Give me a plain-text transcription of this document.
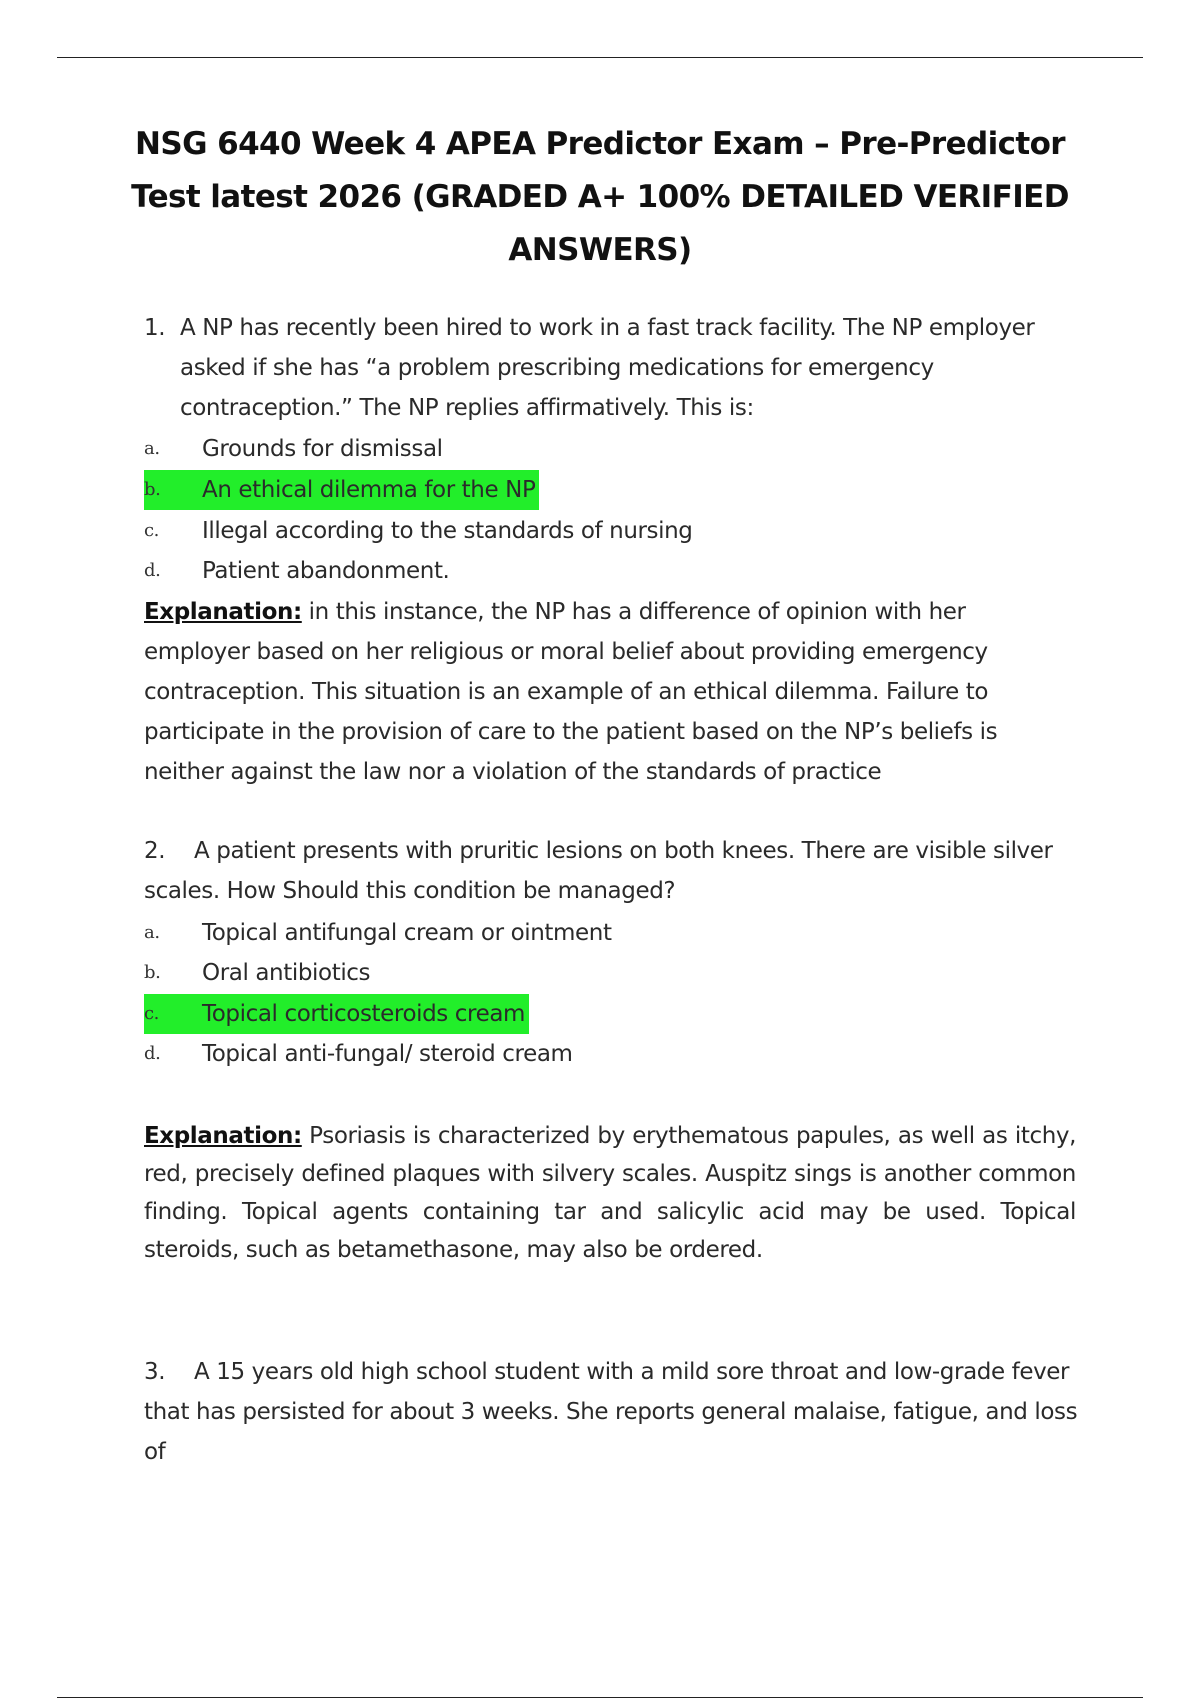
NSG 6440 Week 4 APEA Predictor Exam – Pre-Predictor Test latest 2026 (GRADED A+ 100% DETAILED VERIFIED ANSWERS)
1. A NP has recently been hired to work in a fast track facility. The NP employer asked if she has “a problem prescribing medications for emergency contraception.” The NP replies affirmatively. This is:
a.	Grounds for dismissal
b.	An ethical dilemma for the NP
c.	Illegal according to the standards of nursing
d.	Patient abandonment.
Explanation: in this instance, the NP has a difference of opinion with her employer based on her religious or moral belief about providing emergency contraception. This situation is an example of an ethical dilemma. Failure to participate in the provision of care to the patient based on the NP’s beliefs is neither against the law nor a violation of the standards of practice
2. A patient presents with pruritic lesions on both knees. There are visible silver scales. How Should this condition be managed?
a.	Topical antifungal cream or ointment
b.	Oral antibiotics
c.	Topical corticosteroids cream
d.	Topical anti-fungal/ steroid cream
Explanation: Psoriasis is characterized by erythematous papules, as well as itchy, red, precisely defined plaques with silvery scales. Auspitz sings is another common finding. Topical agents containing tar and salicylic acid may be used. Topical steroids, such as betamethasone, may also be ordered.
3. A 15 years old high school student with a mild sore throat and low-grade fever that has persisted for about 3 weeks. She reports general malaise, fatigue, and loss of
